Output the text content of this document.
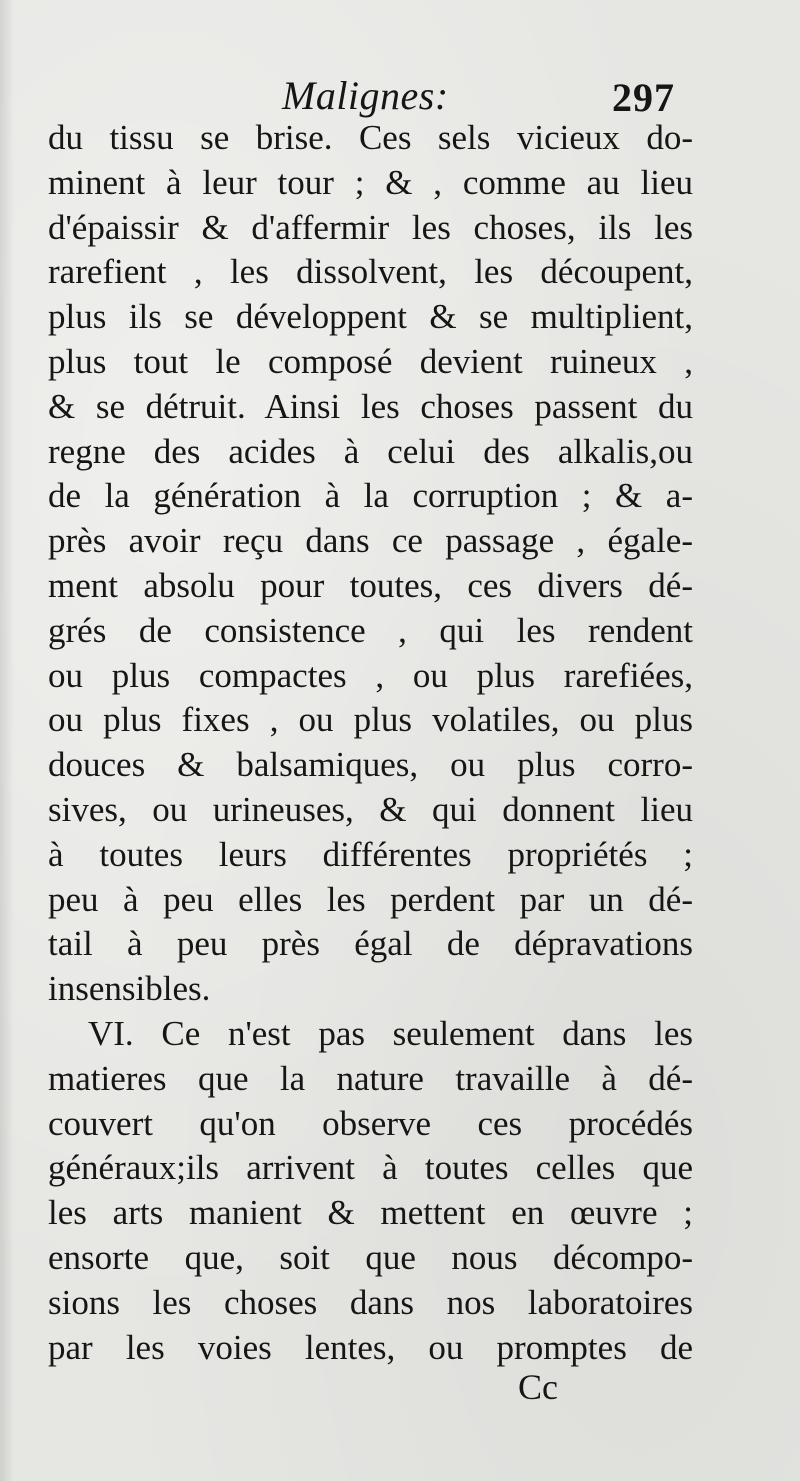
Malignes:	297
du tissu se brise. Ces sels vicieux do-
minent à leur tour ; & , comme au lieu
d'épaissir & d'affermir les choses, ils les
rarefient , les dissolvent, les découpent,
plus ils se développent & se multiplient,
plus tout le composé devient ruineux ,
& se détruit. Ainsi les choses passent du
regne des acides à celui des alkalis,ou
de la génération à la corruption ; & a-
près avoir reçu dans ce passage , égale-
ment absolu pour toutes, ces divers dé-
grés de consistence , qui les rendent
ou plus compactes , ou plus rarefiées,
ou plus fixes , ou plus volatiles, ou plus
douces & balsamiques, ou plus corro-
sives, ou urineuses, & qui donnent lieu
à toutes leurs différentes propriétés ;
peu à peu elles les perdent par un dé-
tail à peu près égal de dépravations
insensibles.
VI. Ce n'est pas seulement dans les
matieres que la nature travaille à dé-
couvert qu'on observe ces procédés
généraux;ils arrivent à toutes celles que
les arts manient & mettent en œuvre ;
ensorte que, soit que nous décompo-
sions les choses dans nos laboratoires
par les voies lentes, ou promptes de
Cc
